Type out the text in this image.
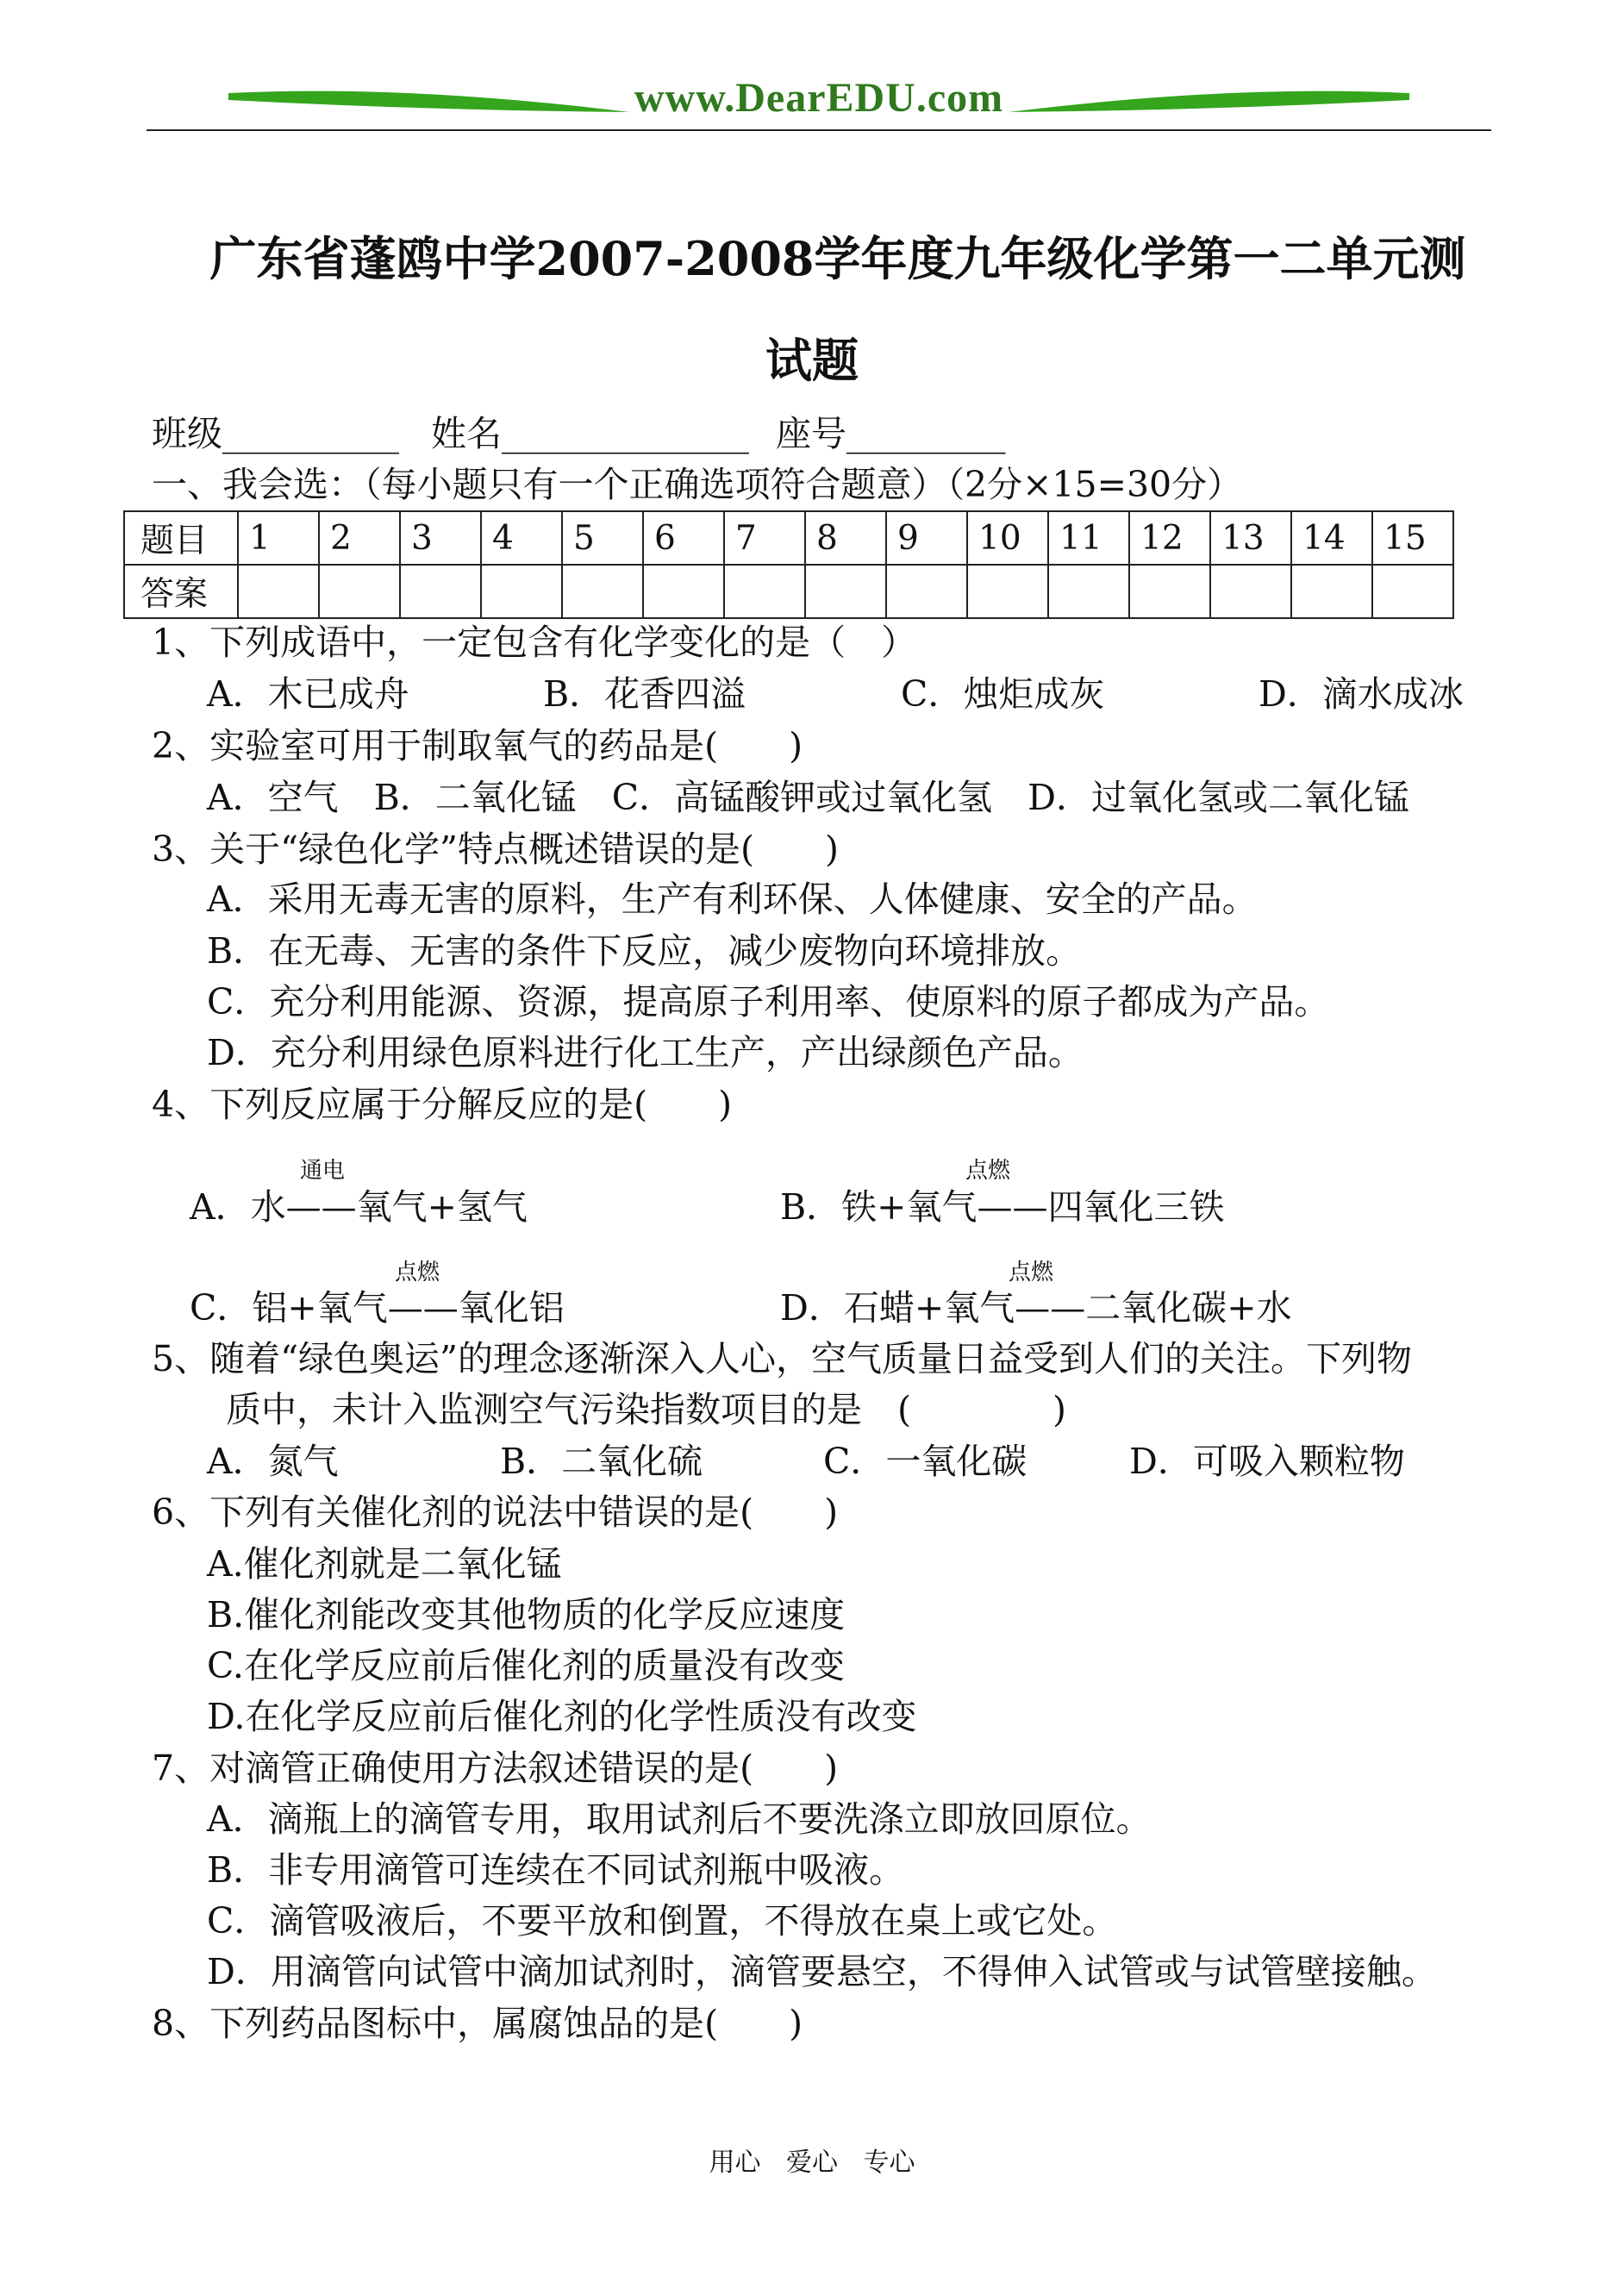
www.DearEDU.com
广东省蓬鸥中学2007-2008学年度九年级化学第一二单元测
试题
班级__________ 姓名______________ 座号_________
一、我会选：（每小题只有一个正确选项符合题意）（2分×15=30分）
题目	1	2	3	4	5	6	7	8	9	10	11	12	13	14	15
答案															
1、下列成语中，一定包含有化学变化的是（　）
A．木已成舟	B．花香四溢	C．烛炬成灰	D．滴水成冰
2、实验室可用于制取氧气的药品是(　　)
A．空气　B．二氧化锰　C．高锰酸钾或过氧化氢　D．过氧化氢或二氧化锰
3、关于“绿色化学”特点概述错误的是(　　)
A．采用无毒无害的原料，生产有利环保、人体健康、安全的产品。
B．在无毒、无害的条件下反应，减少废物向环境排放。
C．充分利用能源、资源，提高原子利用率、使原料的原子都成为产品。
D．充分利用绿色原料进行化工生产，产出绿颜色产品。
4、下列反应属于分解反应的是(　　)
通电
A．水——氧气+氢气
点燃
B．铁+氧气——四氧化三铁
点燃
C．铝+氧气——氧化铝
点燃
D．石蜡+氧气——二氧化碳+水
5、随着“绿色奥运”的理念逐渐深入人心，空气质量日益受到人们的关注。下列物
质中，未计入监测空气污染指数项目的是　(　　　　)
A．氮气	B．二氧化硫	C．一氧化碳	D．可吸入颗粒物
6、下列有关催化剂的说法中错误的是(　　)
A.催化剂就是二氧化锰
B.催化剂能改变其他物质的化学反应速度
C.在化学反应前后催化剂的质量没有改变
D.在化学反应前后催化剂的化学性质没有改变
7、对滴管正确使用方法叙述错误的是(　　)
A．滴瓶上的滴管专用，取用试剂后不要洗涤立即放回原位。
B．非专用滴管可连续在不同试剂瓶中吸液。
C．滴管吸液后，不要平放和倒置，不得放在桌上或它处。
D．用滴管向试管中滴加试剂时，滴管要悬空，不得伸入试管或与试管壁接触。
8、下列药品图标中，属腐蚀品的是(　　)
用心 爱心 专心
